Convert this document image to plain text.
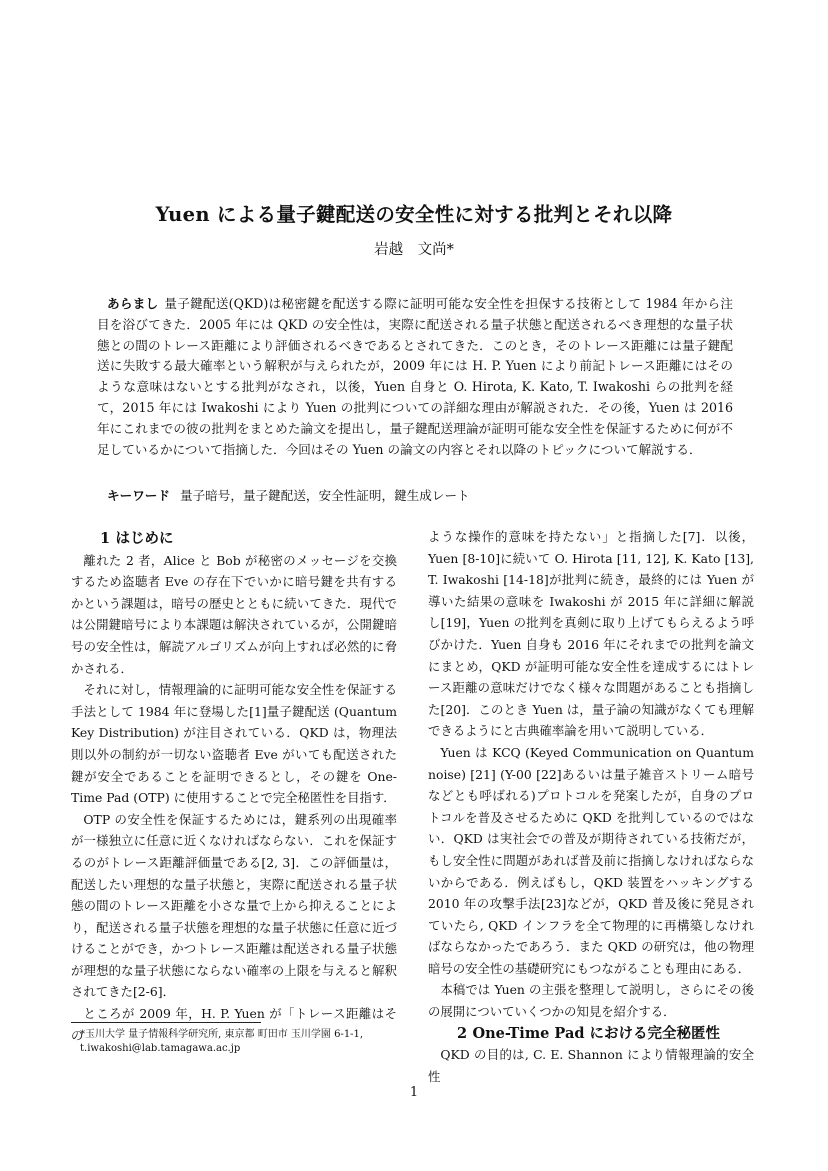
Yuen による量子鍵配送の安全性に対する批判とそれ以降
岩越　文尚*
あらまし 量子鍵配送(QKD)は秘密鍵を配送する際に証明可能な安全性を担保する技術として 1984 年から注目を浴びてきた．2005 年には QKD の安全性は，実際に配送される量子状態と配送されるべき理想的な量子状態との間のトレース距離により評価されるべきであるとされてきた．このとき，そのトレース距離には量子鍵配送に失敗する最大確率という解釈が与えられたが，2009 年には H. P. Yuen により前記トレース距離にはそのような意味はないとする批判がなされ，以後，Yuen 自身と O. Hirota, K. Kato, T. Iwakoshi らの批判を経て，2015 年には Iwakoshi により Yuen の批判についての詳細な理由が解説された．その後，Yuen は 2016 年にこれまでの彼の批判をまとめた論文を提出し，量子鍵配送理論が証明可能な安全性を保証するために何が不足しているかについて指摘した．今回はその Yuen の論文の内容とそれ以降のトピックについて解説する．
キーワード 量子暗号，量子鍵配送，安全性証明，鍵生成レート

1 はじめに

離れた 2 者，Alice と Bob が秘密のメッセージを交換するため盗聴者 Eve の存在下でいかに暗号鍵を共有するかという課題は，暗号の歴史とともに続いてきた．現代では公開鍵暗号により本課題は解決されているが，公開鍵暗号の安全性は，解読アルゴリズムが向上すれば必然的に脅かされる．

それに対し，情報理論的に証明可能な安全性を保証する手法として 1984 年に登場した[1]量子鍵配送 (Quantum Key Distribution) が注目されている．QKD は，物理法則以外の制約が一切ない盗聴者 Eve がいても配送された鍵が安全であることを証明できるとし，その鍵を One-Time Pad (OTP) に使用することで完全秘匿性を目指す．

OTP の安全性を保証するためには，鍵系列の出現確率が一様独立に任意に近くなければならない．これを保証するのがトレース距離評価量である[2, 3]．この評価量は，配送したい理想的な量子状態と，実際に配送される量子状態の間のトレース距離を小さな量で上から抑えることにより，配送される量子状態を理想的な量子状態に任意に近づけることができ，かつトレース距離は配送される量子状態が理想的な量子状態にならない確率の上限を与えると解釈されてきた[2-6]．

ところが 2009 年，H. P. Yuen が「トレース距離はその

ような操作的意味を持たない」と指摘した[7]．以後，Yuen [8-10]に続いて O. Hirota [11, 12], K. Kato [13], T. Iwakoshi [14-18]が批判に続き，最終的には Yuen が導いた結果の意味を Iwakoshi が 2015 年に詳細に解説し[19]，Yuen の批判を真剣に取り上げてもらえるよう呼びかけた．Yuen 自身も 2016 年にそれまでの批判を論文にまとめ，QKD が証明可能な安全性を達成するにはトレース距離の意味だけでなく様々な問題があることも指摘した[20]．このとき Yuen は，量子論の知識がなくても理解できるようにと古典確率論を用いて説明している．

Yuen は KCQ (Keyed Communication on Quantum noise) [21] (Y-00 [22]あるいは量子雑音ストリーム暗号などとも呼ばれる)プロトコルを発案したが，自身のプロトコルを普及させるために QKD を批判しているのではない．QKD は実社会での普及が期待されている技術だが，もし安全性に問題があれば普及前に指摘しなければならないからである．例えばもし，QKD 装置をハッキングする 2010 年の攻撃手法[23]などが，QKD 普及後に発見されていたら, QKD インフラを全て物理的に再構築しなければならなかったであろう．また QKD の研究は，他の物理暗号の安全性の基礎研究にもつながることも理由にある．

本稿では Yuen の主張を整理して説明し，さらにその後の展開についていくつかの知見を紹介する．

2 One-Time Pad における完全秘匿性

QKD の目的は, C. E. Shannon により情報理論的安全性

*玉川大学 量子情報科学研究所, 東京都 町田市 玉川学園 6-1-1,
t.iwakoshi@lab.tamagawa.ac.jp
1
